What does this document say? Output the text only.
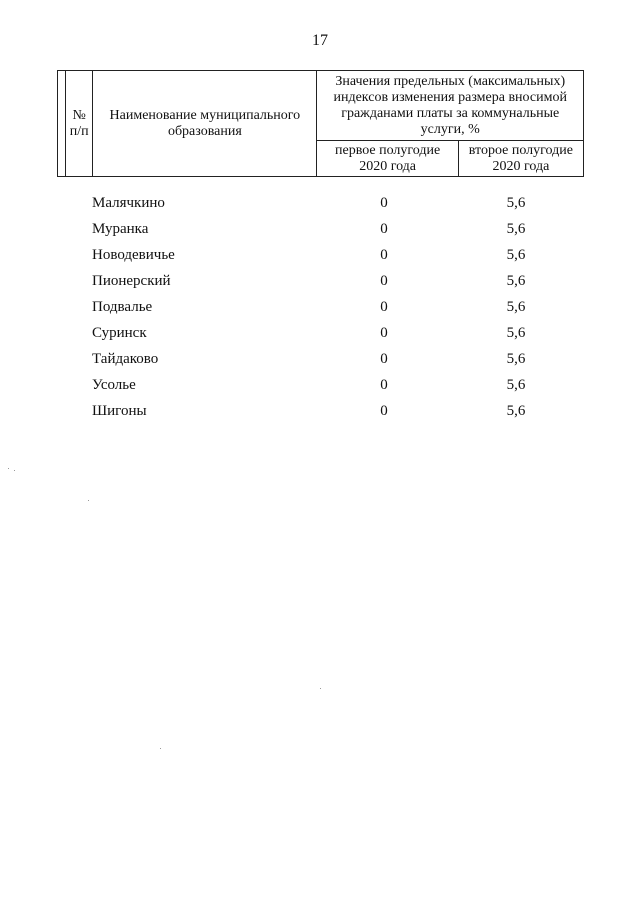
17
	№ п/п	Наименование муниципального образования	Значения предельных (максимальных) индексов изменения размера вносимой гражданами платы за коммунальные услуги, %	
			первое полугодие 2020 года	второе полугодие 2020 года
Малячкино	0	5,6
Муранка	0	5,6
Новодевичье	0	5,6
Пионерский	0	5,6
Подвалье	0	5,6
Суринск	0	5,6
Тайдаково	0	5,6
Усолье	0	5,6
Шигоны	0	5,6
